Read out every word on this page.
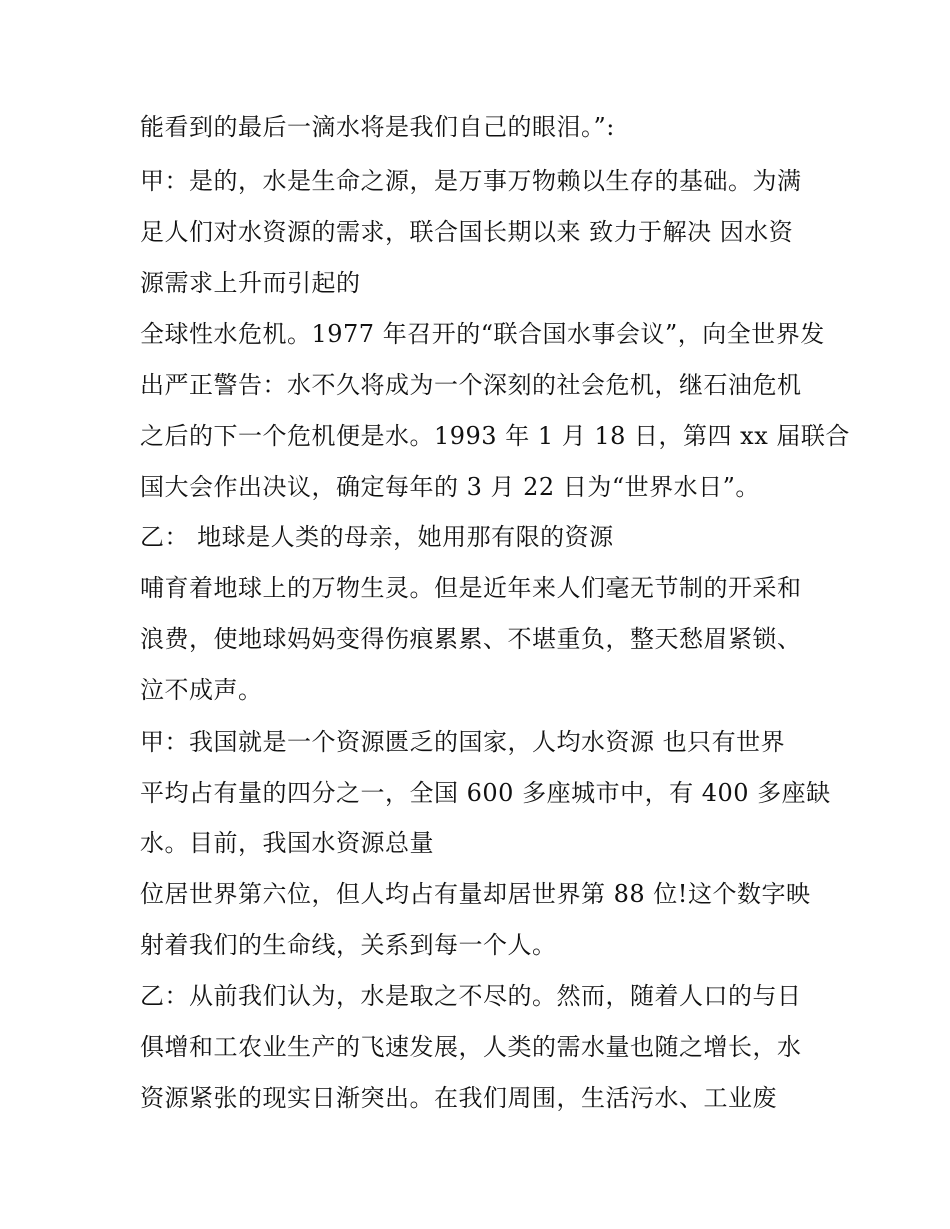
能看到的最后一滴水将是我们自己的眼泪。”:
甲：是的，水是生命之源，是万事万物赖以生存的基础。为满
足人们对水资源的需求，联合国长期以来 致力于解决 因水资
源需求上升而引起的
全球性水危机。1977 年召开的“联合国水事会议”，向全世界发
出严正警告：水不久将成为一个深刻的社会危机，继石油危机
之后的下一个危机便是水。1993 年 1 月 18 日，第四 xx 届联合
国大会作出决议，确定每年的 3 月 22 日为“世界水日”。
乙： 地球是人类的母亲，她用那有限的资源
哺育着地球上的万物生灵。但是近年来人们毫无节制的开采和
浪费，使地球妈妈变得伤痕累累、不堪重负，整天愁眉紧锁、
泣不成声。
甲：我国就是一个资源匮乏的国家，人均水资源 也只有世界
平均占有量的四分之一，全国 600 多座城市中，有 400 多座缺
水。目前，我国水资源总量
位居世界第六位，但人均占有量却居世界第 88 位!这个数字映
射着我们的生命线，关系到每一个人。
乙：从前我们认为，水是取之不尽的。然而，随着人口的与日
俱增和工农业生产的飞速发展，人类的需水量也随之增长，水
资源紧张的现实日渐突出。在我们周围，生活污水、工业废
